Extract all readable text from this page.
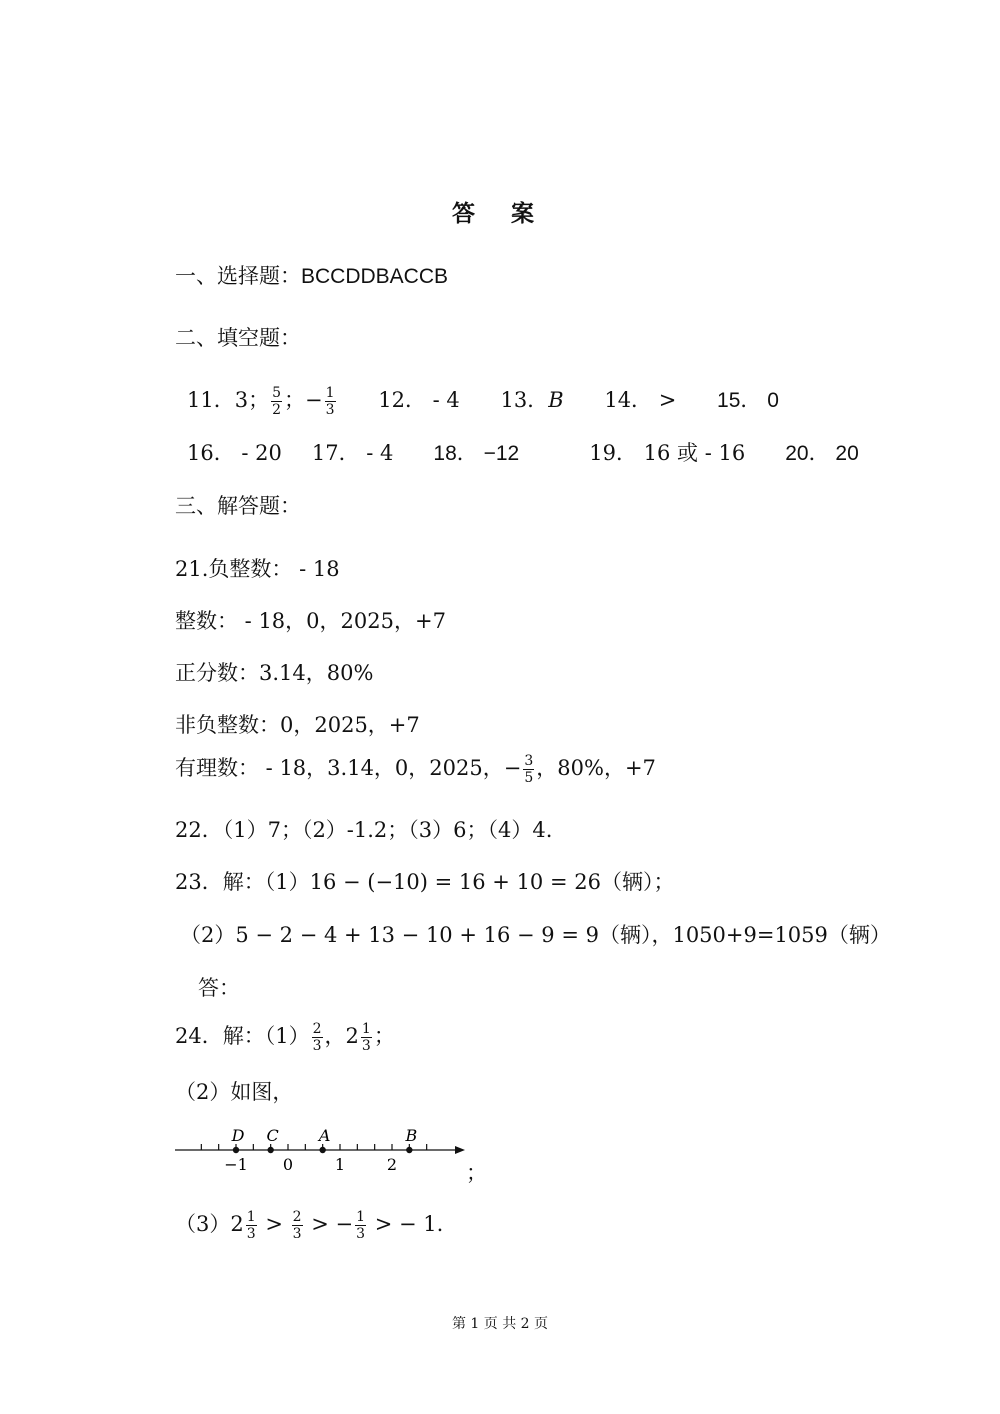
答 案
一、选择题：BCCDDBACCB
二、填空题：
11．3； $\frac{5}{2}$ ；− $\frac{1}{3} 12$． - 4 13．B 14． > 15． 0
16． - 20 17． - 4 18． −12	19． 16 或 - 16 20． 20
三、解答题：
21.负整数： - 18
整数： - 18，0，2025，+7
正分数：3.14，80%
非负整数：0，2025，+7
有理数： - 18，3.14，0，2025，− $\frac{3}{5}$ ，80%，+7
22．（1）7；（2）-1.2；（3）6；（4）4.
23．解：（1）16 − (−10) = 16 + 10 = 26（辆）；
（2）5 − 2 − 4 + 13 − 10 + 16 − 9 = 9（辆），1050+9=1059（辆）
答：
24．解：$(1) \frac{2}{3}$ ，$2 \frac{1}{3}$ ；
（2）如图，
−1 0	1	2
D C	A	B
；
$(3)2 \frac{1}{3} > \frac{2}{3}$ > − $\frac{1}{3}$ > − 1.
第 1 页 共 2 页
